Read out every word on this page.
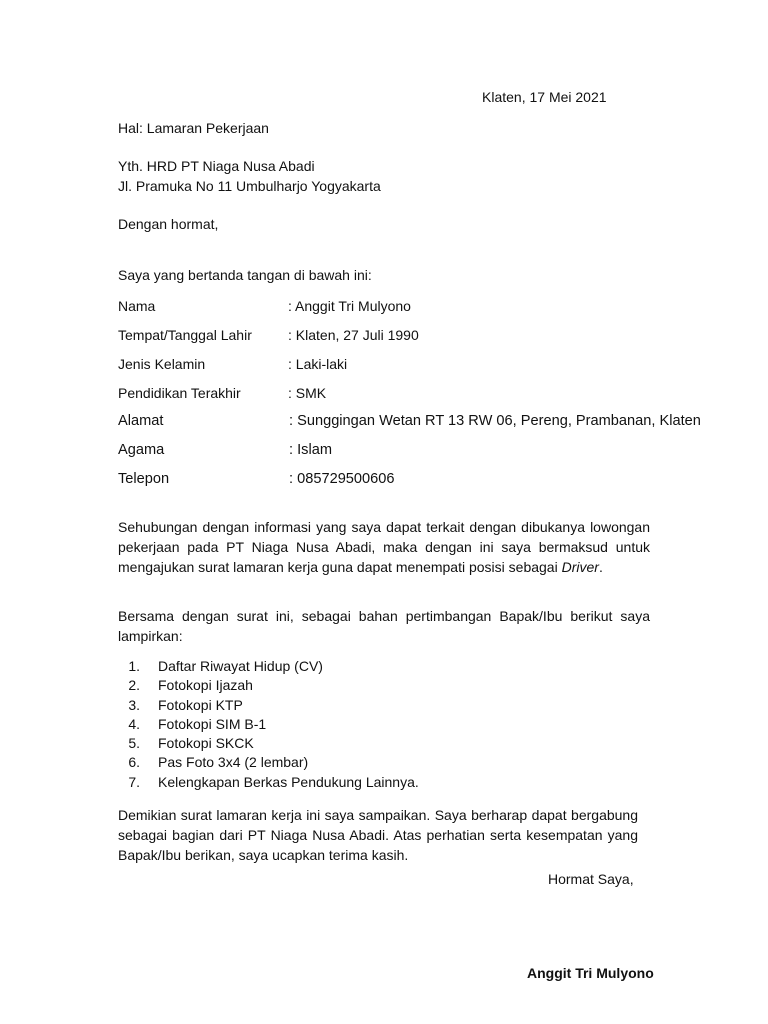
Klaten, 17 Mei 2021
Hal: Lamaran Pekerjaan
Yth. HRD PT Niaga Nusa Abadi
Jl. Pramuka No 11 Umbulharjo Yogyakarta
Dengan hormat,
Saya yang bertanda tangan di bawah ini:
Nama	: Anggit Tri Mulyono
Tempat/Tanggal Lahir	: Klaten, 27 Juli 1990
Jenis Kelamin	: Laki-laki
Pendidikan Terakhir	: SMK
Alamat	: Sunggingan Wetan RT 13 RW 06, Pereng, Prambanan, Klaten
Agama	: Islam
Telepon	: 085729500606

Sehubungan dengan informasi yang saya dapat terkait dengan dibukanya lowongan pekerjaan pada PT Niaga Nusa Abadi, maka dengan ini saya bermaksud untuk mengajukan surat lamaran kerja guna dapat menempati posisi sebagai Driver.

Bersama dengan surat ini, sebagai bahan pertimbangan Bapak/Ibu berikut saya lampirkan:

1. Daftar Riwayat Hidup (CV)
2. Fotokopi Ijazah
3. Fotokopi KTP
4. Fotokopi SIM B-1
5. Fotokopi SKCK
6. Pas Foto 3x4 (2 lembar)
7. Kelengkapan Berkas Pendukung Lainnya.

Demikian surat lamaran kerja ini saya sampaikan. Saya berharap dapat bergabung sebagai bagian dari PT Niaga Nusa Abadi. Atas perhatian serta kesempatan yang Bapak/Ibu berikan, saya ucapkan terima kasih.

Hormat Saya,
Anggit Tri Mulyono
